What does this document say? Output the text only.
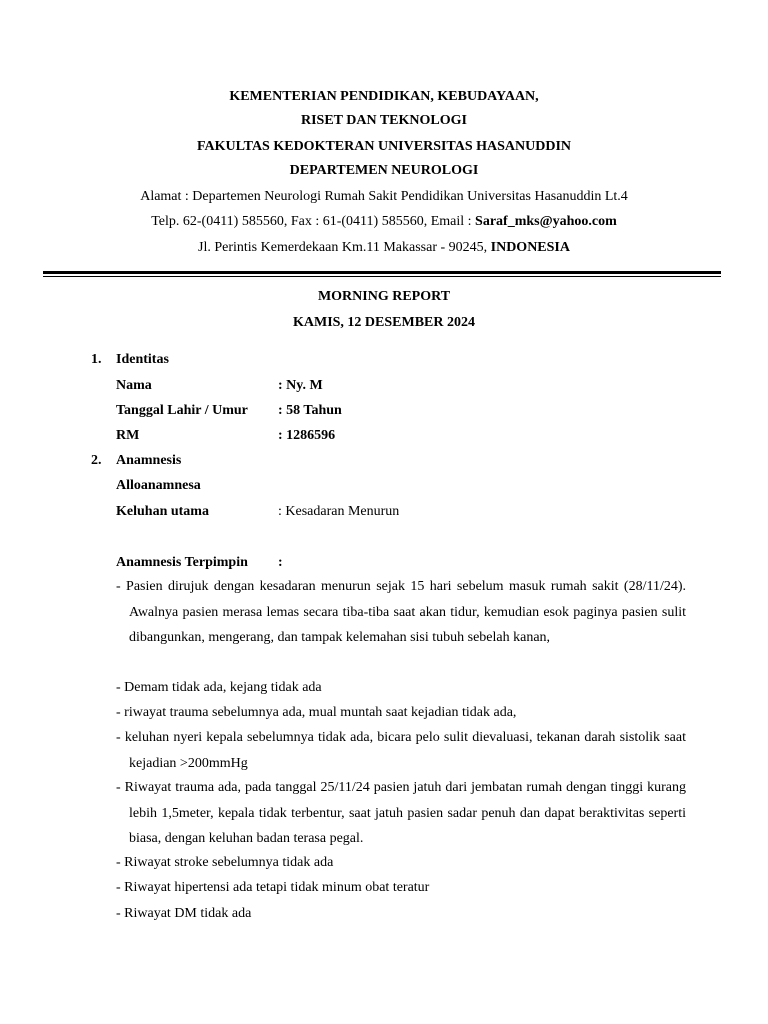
KEMENTERIAN PENDIDIKAN, KEBUDAYAAN,
RISET DAN TEKNOLOGI
FAKULTAS KEDOKTERAN UNIVERSITAS HASANUDDIN
DEPARTEMEN NEUROLOGI
Alamat : Departemen Neurologi Rumah Sakit Pendidikan Universitas Hasanuddin Lt.4
Telp. 62-(0411) 585560, Fax : 61-(0411) 585560, Email : Saraf_mks@yahoo.com
Jl. Perintis Kemerdekaan Km.11 Makassar - 90245, INDONESIA
MORNING REPORT
KAMIS, 12 DESEMBER 2024
1. Identitas
Nama	: Ny. M
Tanggal Lahir / Umur : 58 Tahun
RM	: 1286596
2. Anamnesis
Alloanamnesa
Keluhan utama	: Kesadaran Menurun
Anamnesis Terpimpin :
- Pasien dirujuk dengan kesadaran menurun sejak 15 hari sebelum masuk rumah sakit (28/11/24). Awalnya pasien merasa lemas secara tiba-tiba saat akan tidur, kemudian esok paginya pasien sulit dibangunkan, mengerang, dan tampak kelemahan sisi tubuh sebelah kanan,
- Demam tidak ada, kejang tidak ada
- riwayat trauma sebelumnya ada, mual muntah saat kejadian tidak ada,
- keluhan nyeri kepala sebelumnya tidak ada, bicara pelo sulit dievaluasi, tekanan darah sistolik saat kejadian >200mmHg
- Riwayat trauma ada, pada tanggal 25/11/24 pasien jatuh dari jembatan rumah dengan tinggi kurang lebih 1,5meter, kepala tidak terbentur, saat jatuh pasien sadar penuh dan dapat beraktivitas seperti biasa, dengan keluhan badan terasa pegal.
- Riwayat stroke sebelumnya tidak ada
- Riwayat hipertensi ada tetapi tidak minum obat teratur
- Riwayat DM tidak ada
